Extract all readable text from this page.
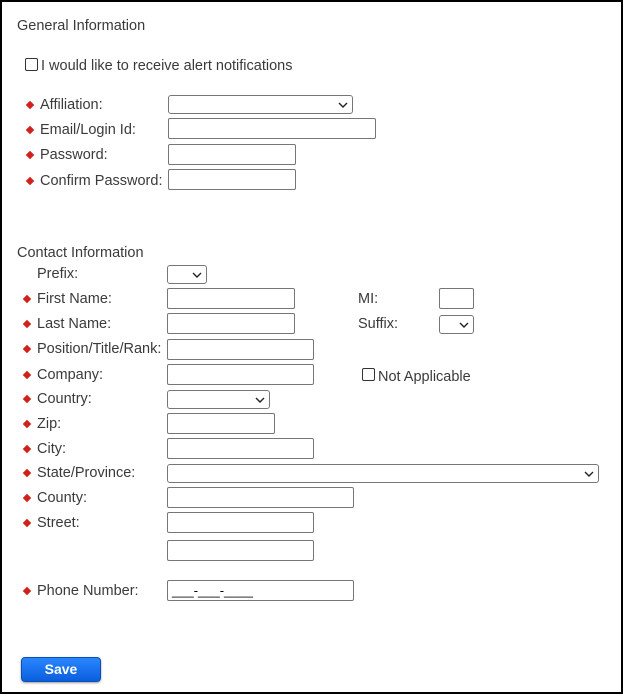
General Information
I would like to receive alert notifications
Affiliation:
Email/Login Id:
Password:
Confirm Password:
Contact Information
Prefix:
First Name:	MI:
Last Name:	Suffix:
Position/Title/Rank:
Company:	Not Applicable
Country:
Zip:
City:
State/Province:
County:
Street:
Phone Number:	___-___-____
Save
